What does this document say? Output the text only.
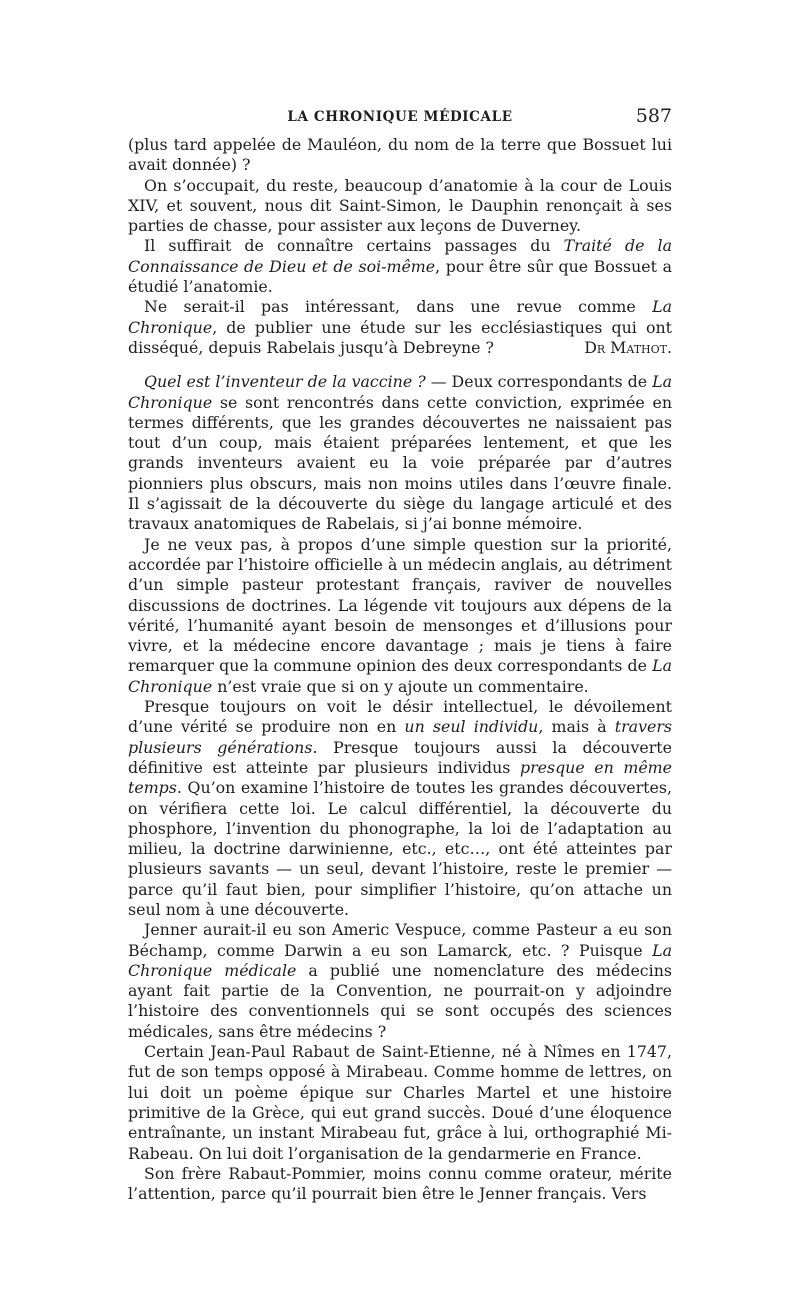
LA CHRONIQUE MÉDICALE	587

(plus tard appelée de Mauléon, du nom de la terre que Bossuet lui avait donnée) ?

On s’occupait, du reste, beaucoup d’anatomie à la cour de Louis XIV, et souvent, nous dit Saint-Simon, le Dauphin renonçait à ses parties de chasse, pour assister aux leçons de Duverney.

Il suffirait de connaître certains passages du Traité de la Connaissance de Dieu et de soi-même, pour être sûr que Bossuet a étudié l’anatomie.

Ne serait-il pas intéressant, dans une revue comme La Chronique, de publier une étude sur les ecclésiastiques qui ont disséqué, depuis Rabelais jusqu’à Debreyne ?	Dr Mathot.

Quel est l’inventeur de la vaccine ? — Deux correspondants de La Chronique se sont rencontrés dans cette conviction, exprimée en termes différents, que les grandes découvertes ne naissaient pas tout d’un coup, mais étaient préparées lentement, et que les grands inventeurs avaient eu la voie préparée par d’autres pionniers plus obscurs, mais non moins utiles dans l’œuvre finale. Il s’agissait de la découverte du siège du langage articulé et des travaux anatomiques de Rabelais, si j’ai bonne mémoire.

Je ne veux pas, à propos d’une simple question sur la priorité, accordée par l’histoire officielle à un médecin anglais, au détriment d’un simple pasteur protestant français, raviver de nouvelles discussions de doctrines. La légende vit toujours aux dépens de la vérité, l’humanité ayant besoin de mensonges et d’illusions pour vivre, et la médecine encore davantage ; mais je tiens à faire remarquer que la commune opinion des deux correspondants de La Chronique n’est vraie que si on y ajoute un commentaire.

Presque toujours on voit le désir intellectuel, le dévoilement d’une vérité se produire non en un seul individu, mais à travers plusieurs générations. Presque toujours aussi la découverte définitive est atteinte par plusieurs individus presque en même temps. Qu’on examine l’histoire de toutes les grandes découvertes, on vérifiera cette loi. Le calcul différentiel, la découverte du phosphore, l’invention du phonographe, la loi de l’adaptation au milieu, la doctrine darwinienne, etc., etc…, ont été atteintes par plusieurs savants — un seul, devant l’histoire, reste le premier — parce qu’il faut bien, pour simplifier l’histoire, qu’on attache un seul nom à une découverte.

Jenner aurait-il eu son Americ Vespuce, comme Pasteur a eu son Béchamp, comme Darwin a eu son Lamarck, etc. ? Puisque La Chronique médicale a publié une nomenclature des médecins ayant fait partie de la Convention, ne pourrait-on y adjoindre l’histoire des conventionnels qui se sont occupés des sciences médicales, sans être médecins ?

Certain Jean-Paul Rabaut de Saint-Etienne, né à Nîmes en 1747, fut de son temps opposé à Mirabeau. Comme homme de lettres, on lui doit un poème épique sur Charles Martel et une histoire primitive de la Grèce, qui eut grand succès. Doué d’une éloquence entraînante, un instant Mirabeau fut, grâce à lui, orthographié Mi-Rabeau. On lui doit l’organisation de la gendarmerie en France.

Son frère Rabaut-Pommier, moins connu comme orateur, mérite l’attention, parce qu’il pourrait bien être le Jenner français. Vers
